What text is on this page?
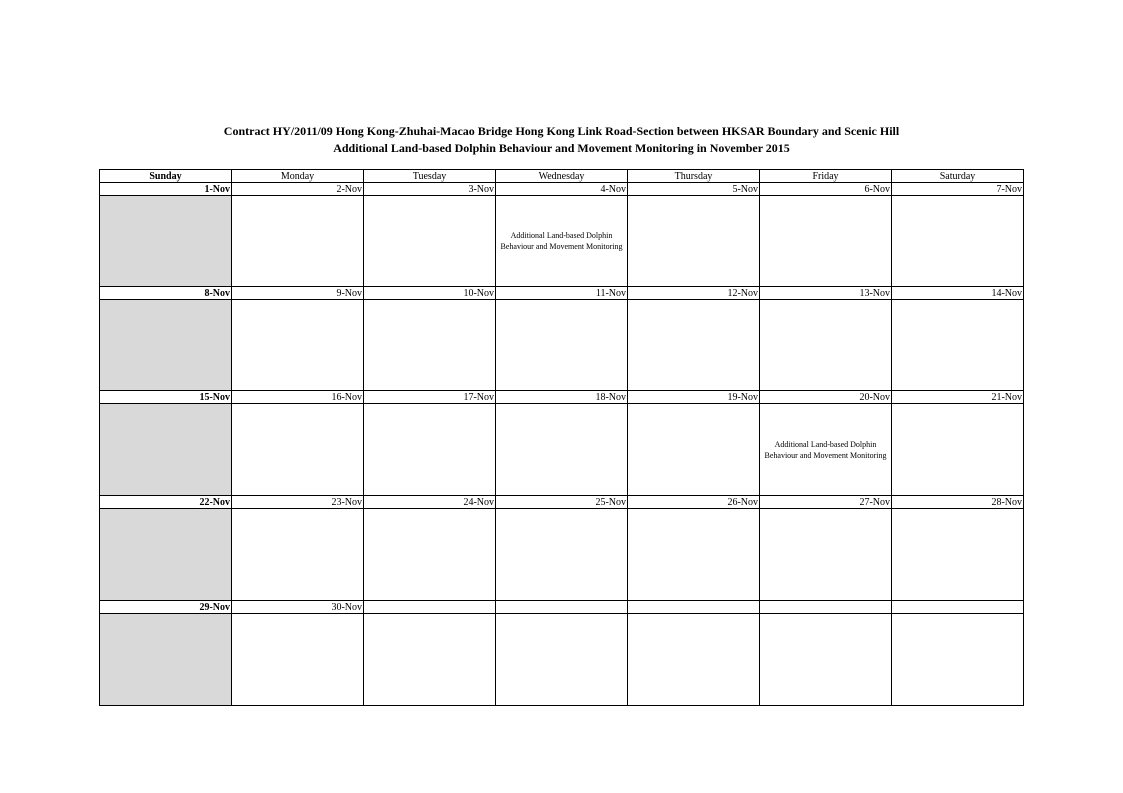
Contract HY/2011/09 Hong Kong-Zhuhai-Macao Bridge Hong Kong Link Road-Section between HKSAR Boundary and Scenic Hill
Additional Land-based Dolphin Behaviour and Movement Monitoring in November 2015
Sunday	Monday	Tuesday	Wednesday	Thursday	Friday	Saturday
1-Nov	2-Nov	3-Nov	4-Nov	5-Nov	6-Nov	7-Nov
			Additional Land-based Dolphin Behaviour and Movement Monitoring			
8-Nov	9-Nov	10-Nov	11-Nov	12-Nov	13-Nov	14-Nov

15-Nov	16-Nov	17-Nov	18-Nov	19-Nov	20-Nov	21-Nov
					Additional Land-based Dolphin Behaviour and Movement Monitoring	
22-Nov	23-Nov	24-Nov	25-Nov	26-Nov	27-Nov	28-Nov

29-Nov	30-Nov					
